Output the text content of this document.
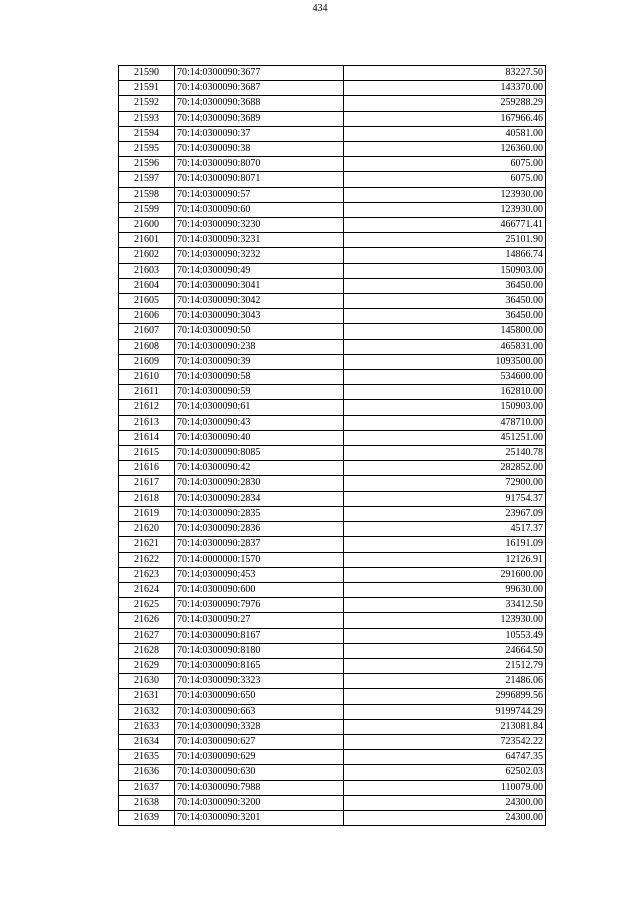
434
21590	70:14:0300090:3677	83227.50
21591	70:14:0300090:3687	143370.00
21592	70:14:0300090:3688	259288.29
21593	70:14:0300090:3689	167966.46
21594	70:14:0300090:37	40581.00
21595	70:14:0300090:38	126360.00
21596	70:14:0300090:8070	6075.00
21597	70:14:0300090:8071	6075.00
21598	70:14:0300090:57	123930.00
21599	70:14:0300090:60	123930.00
21600	70:14:0300090:3230	466771.41
21601	70:14:0300090:3231	25101.90
21602	70:14:0300090:3232	14866.74
21603	70:14:0300090:49	150903.00
21604	70:14:0300090:3041	36450.00
21605	70:14:0300090:3042	36450.00
21606	70:14:0300090:3043	36450.00
21607	70:14:0300090:50	145800.00
21608	70:14:0300090:238	465831.00
21609	70:14:0300090:39	1093500.00
21610	70:14:0300090:58	534600.00
21611	70:14:0300090:59	162810.00
21612	70:14:0300090:61	150903.00
21613	70:14:0300090:43	478710.00
21614	70:14:0300090:40	451251.00
21615	70:14:0300090:8085	25140.78
21616	70:14:0300090:42	282852.00
21617	70:14:0300090:2830	72900.00
21618	70:14:0300090:2834	91754.37
21619	70:14:0300090:2835	23967.09
21620	70:14:0300090:2836	4517.37
21621	70:14:0300090:2837	16191.09
21622	70:14:0000000:1570	12126.91
21623	70:14:0300090:453	291600.00
21624	70:14:0300090:600	99630.00
21625	70:14:0300090:7976	33412.50
21626	70:14:0300090:27	123930.00
21627	70:14:0300090:8167	10553.49
21628	70:14:0300090:8180	24664.50
21629	70:14:0300090:8165	21512.79
21630	70:14:0300090:3323	21486.06
21631	70:14:0300090:650	2996899.56
21632	70:14:0300090:663	9199744.29
21633	70:14:0300090:3328	213081.84
21634	70:14:0300090:627	723542.22
21635	70:14:0300090:629	64747.35
21636	70:14:0300090:630	62502.03
21637	70:14:0300090:7988	110079.00
21638	70:14:0300090:3200	24300.00
21639	70:14:0300090:3201	24300.00
